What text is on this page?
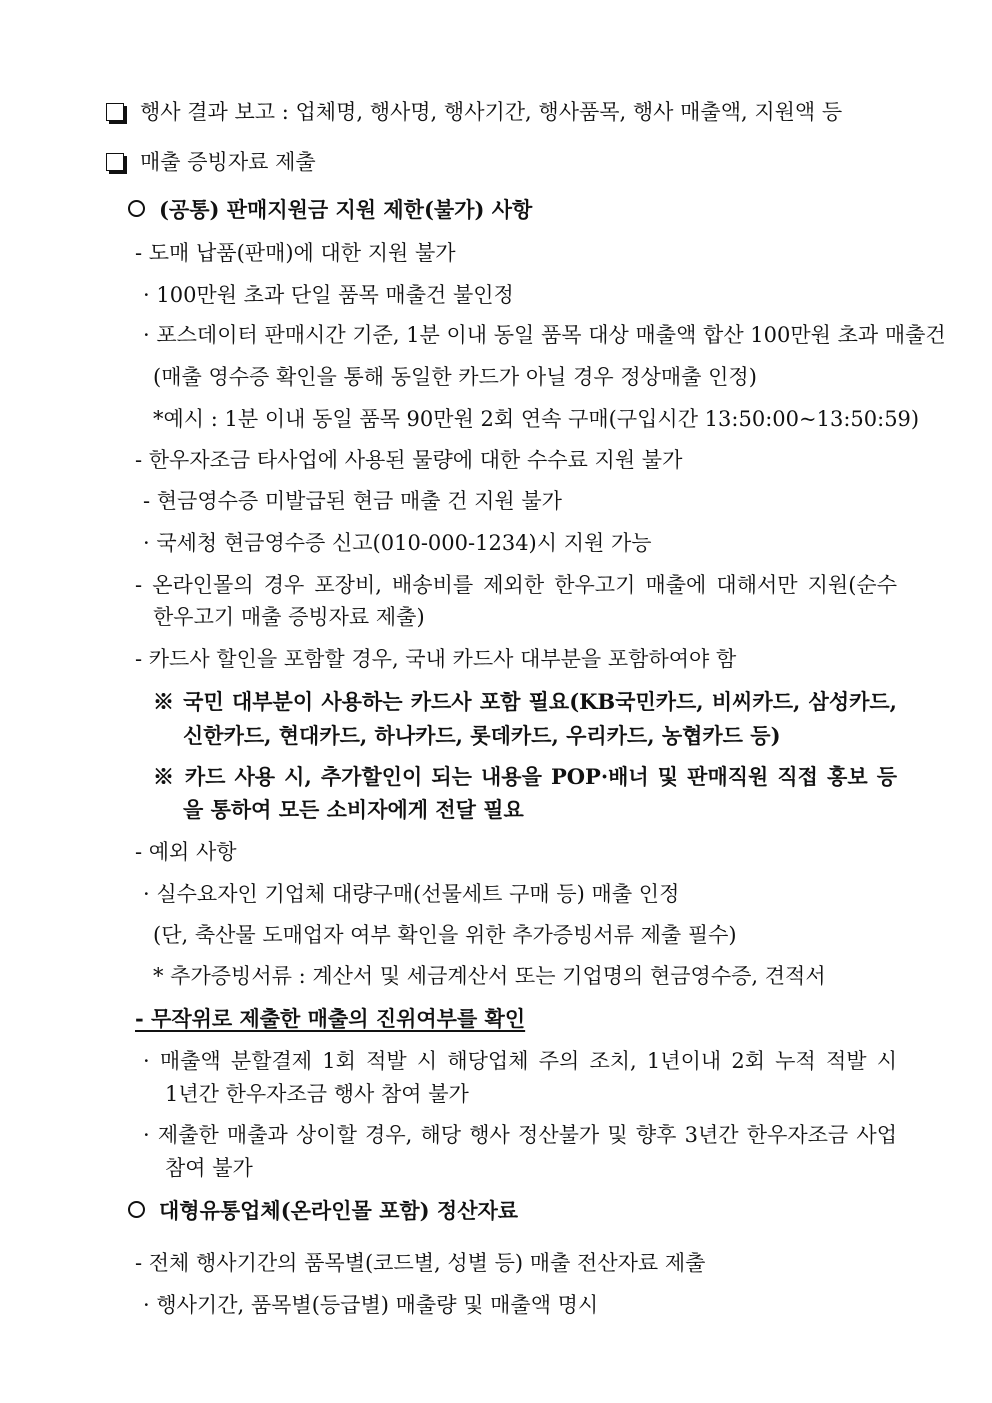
행사 결과 보고 : 업체명, 행사명, 행사기간, 행사품목, 행사 매출액, 지원액 등
매출 증빙자료 제출
(공통) 판매지원금 지원 제한(불가) 사항
- 도매 납품(판매)에 대한 지원 불가
· 100만원 초과 단일 품목 매출건 불인정
· 포스데이터 판매시간 기준, 1분 이내 동일 품목 대상 매출액 합산 100만원 초과 매출건
(매출 영수증 확인을 통해 동일한 카드가 아닐 경우 정상매출 인정)
*예시 : 1분 이내 동일 품목 90만원 2회 연속 구매(구입시간 13:50:00~13:50:59)
- 한우자조금 타사업에 사용된 물량에 대한 수수료 지원 불가
- 현금영수증 미발급된 현금 매출 건 지원 불가
· 국세청 현금영수증 신고(010-000-1234)시 지원 가능
- 온라인몰의 경우 포장비, 배송비를 제외한 한우고기 매출에 대해서만 지원(순수
한우고기 매출 증빙자료 제출)
- 카드사 할인을 포함할 경우, 국내 카드사 대부분을 포함하여야 함
※ 국민 대부분이 사용하는 카드사 포함 필요(KB국민카드, 비씨카드, 삼성카드,
신한카드, 현대카드, 하나카드, 롯데카드, 우리카드, 농협카드 등)
※ 카드 사용 시, 추가할인이 되는 내용을 POP·배너 및 판매직원 직접 홍보 등
을 통하여 모든 소비자에게 전달 필요
- 예외 사항
· 실수요자인 기업체 대량구매(선물세트 구매 등) 매출 인정
(단, 축산물 도매업자 여부 확인을 위한 추가증빙서류 제출 필수)
* 추가증빙서류 : 계산서 및 세금계산서 또는 기업명의 현금영수증, 견적서
- 무작위로 제출한 매출의 진위여부를 확인
· 매출액 분할결제 1회 적발 시 해당업체 주의 조치, 1년이내 2회 누적 적발 시
1년간 한우자조금 행사 참여 불가
· 제출한 매출과 상이할 경우, 해당 행사 정산불가 및 향후 3년간 한우자조금 사업
참여 불가
대형유통업체(온라인몰 포함) 정산자료
- 전체 행사기간의 품목별(코드별, 성별 등) 매출 전산자료 제출
· 행사기간, 품목별(등급별) 매출량 및 매출액 명시
